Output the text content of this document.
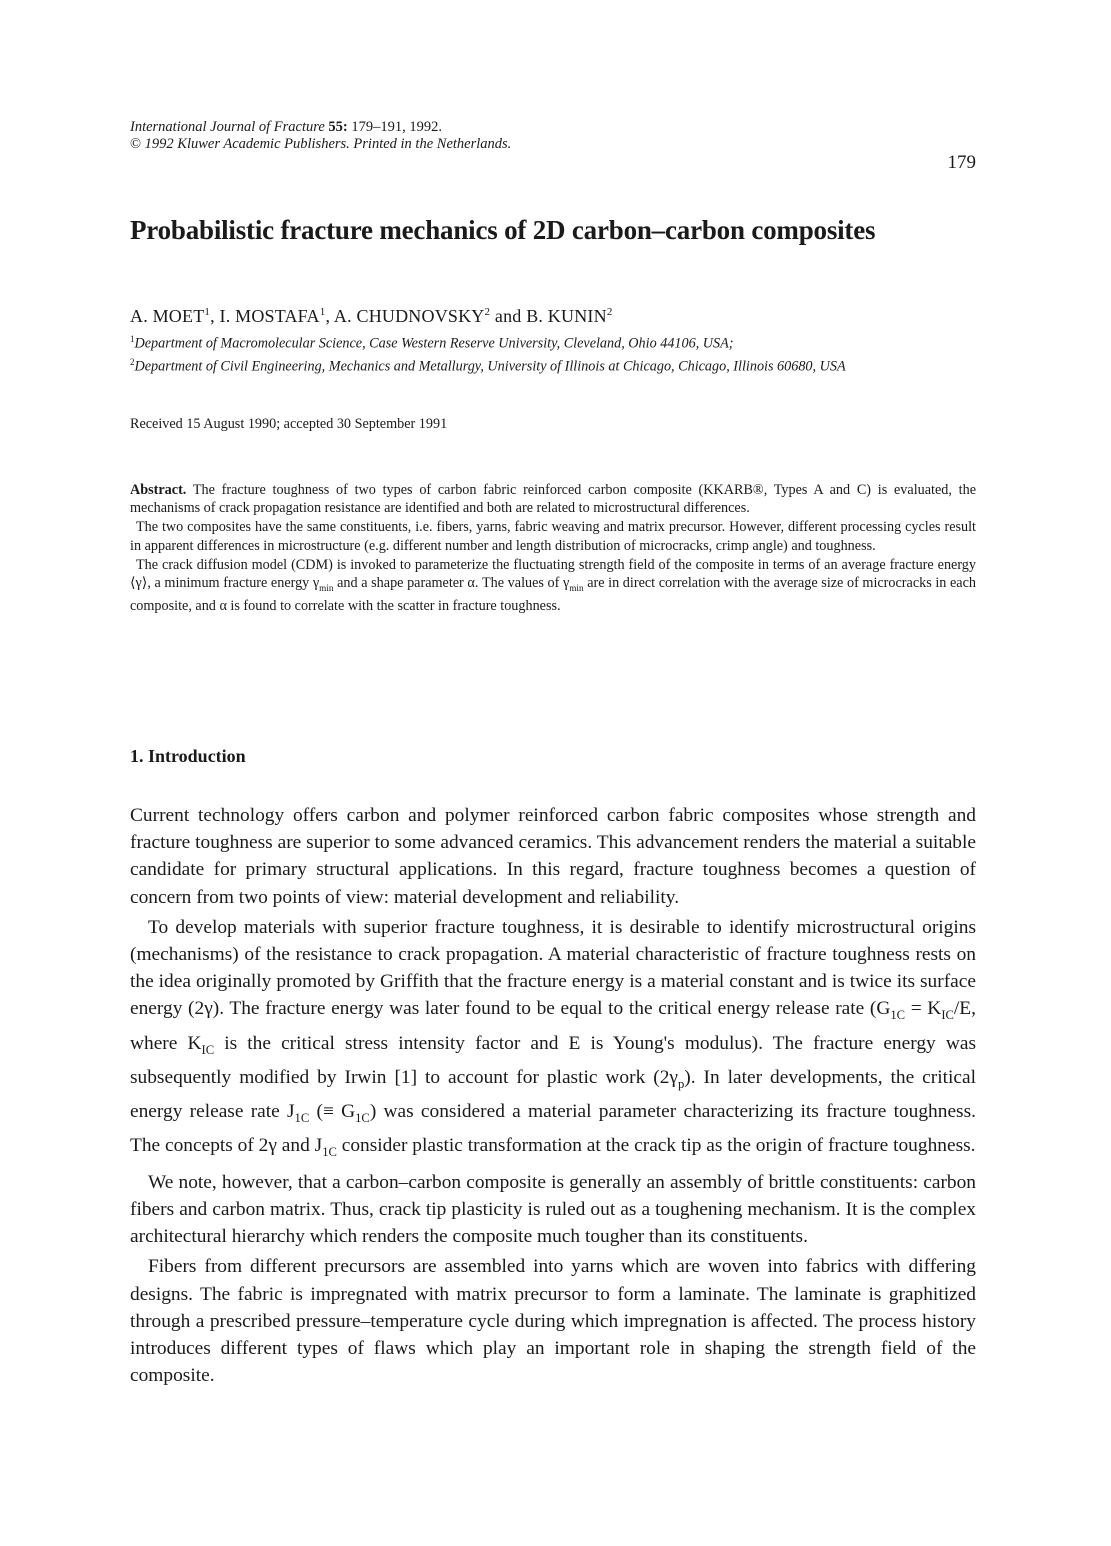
International Journal of Fracture 55: 179–191, 1992.
© 1992 Kluwer Academic Publishers. Printed in the Netherlands.
179
Probabilistic fracture mechanics of 2D carbon–carbon composites
A. MOET$^1$, I. MOSTAFA$^1$, A. CHUDNOVSKY$^2$ and B. KUNIN$^2$
$^1$Department of Macromolecular Science, Case Western Reserve University, Cleveland, Ohio 44106, USA;
$^2$Department of Civil Engineering, Mechanics and Metallurgy, University of Illinois at Chicago, Chicago, Illinois 60680, USA
Received 15 August 1990; accepted 30 September 1991

Abstract. The fracture toughness of two types of carbon fabric reinforced carbon composite (KKARB®, Types A and C) is evaluated, the mechanisms of crack propagation resistance are identified and both are related to microstructural differences.

The two composites have the same constituents, i.e. fibers, yarns, fabric weaving and matrix precursor. However, different processing cycles result in apparent differences in microstructure (e.g. different number and length distribution of microcracks, crimp angle) and toughness.

The crack diffusion model (CDM) is invoked to parameterize the fluctuating strength field of the composite in terms of an average fracture energy ⟨γ⟩, a minimum fracture energy $\gamma_{min}$ and a shape parameter α. The values of $\gamma_{min}$ are in direct correlation with the average size of microcracks in each composite, and α is found to correlate with the scatter in fracture toughness.

1. Introduction

Current technology offers carbon and polymer reinforced carbon fabric composites whose strength and fracture toughness are superior to some advanced ceramics. This advancement renders the material a suitable candidate for primary structural applications. In this regard, fracture toughness becomes a question of concern from two points of view: material development and reliability.

To develop materials with superior fracture toughness, it is desirable to identify microstructural origins (mechanisms) of the resistance to crack propagation. A material characteristic of fracture toughness rests on the idea originally promoted by Griffith that the fracture energy is a material constant and is twice its surface energy (2γ). The fracture energy was later found to be equal to the critical energy release rate ($G_{1C} = K_{IC}/E$, where $K_{IC}$ is the critical stress intensity factor and E is Young's modulus). The fracture energy was subsequently modified by Irwin [1] to account for plastic work $(2\gamma_p)$. In later developments, the critical energy release rate $J_{1C}$ (≡ $G_{1C}$) was considered a material parameter characterizing its fracture toughness. The concepts of 2γ and $J_{1C}$ consider plastic transformation at the crack tip as the origin of fracture toughness.

We note, however, that a carbon–carbon composite is generally an assembly of brittle constituents: carbon fibers and carbon matrix. Thus, crack tip plasticity is ruled out as a toughening mechanism. It is the complex architectural hierarchy which renders the composite much tougher than its constituents.

Fibers from different precursors are assembled into yarns which are woven into fabrics with differing designs. The fabric is impregnated with matrix precursor to form a laminate. The laminate is graphitized through a prescribed pressure–temperature cycle during which impregnation is affected. The process history introduces different types of flaws which play an important role in shaping the strength field of the composite.
